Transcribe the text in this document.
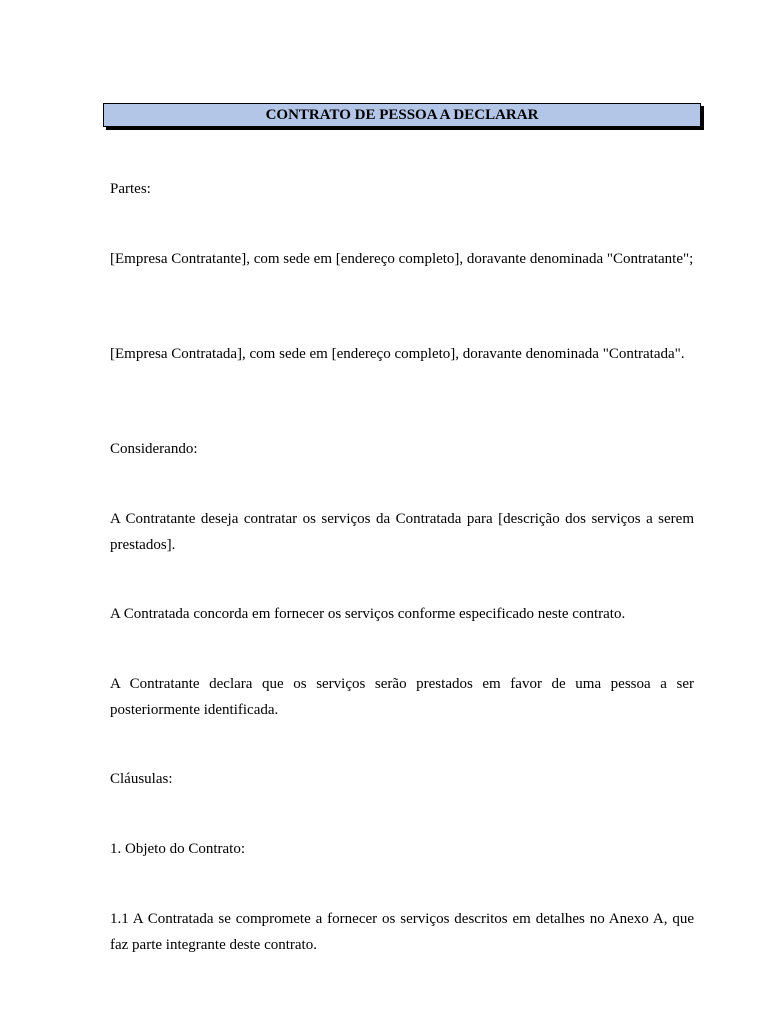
CONTRATO DE PESSOA A DECLARAR

Partes:

[Empresa Contratante], com sede em [endereço completo], doravante denominada "Contratante";

[Empresa Contratada], com sede em [endereço completo], doravante denominada "Contratada".

Considerando:

A Contratante deseja contratar os serviços da Contratada para [descrição dos serviços a serem prestados].

A Contratada concorda em fornecer os serviços conforme especificado neste contrato.

A Contratante declara que os serviços serão prestados em favor de uma pessoa a ser posteriormente identificada.

Cláusulas:

1. Objeto do Contrato:

1.1 A Contratada se compromete a fornecer os serviços descritos em detalhes no Anexo A, que faz parte integrante deste contrato.
